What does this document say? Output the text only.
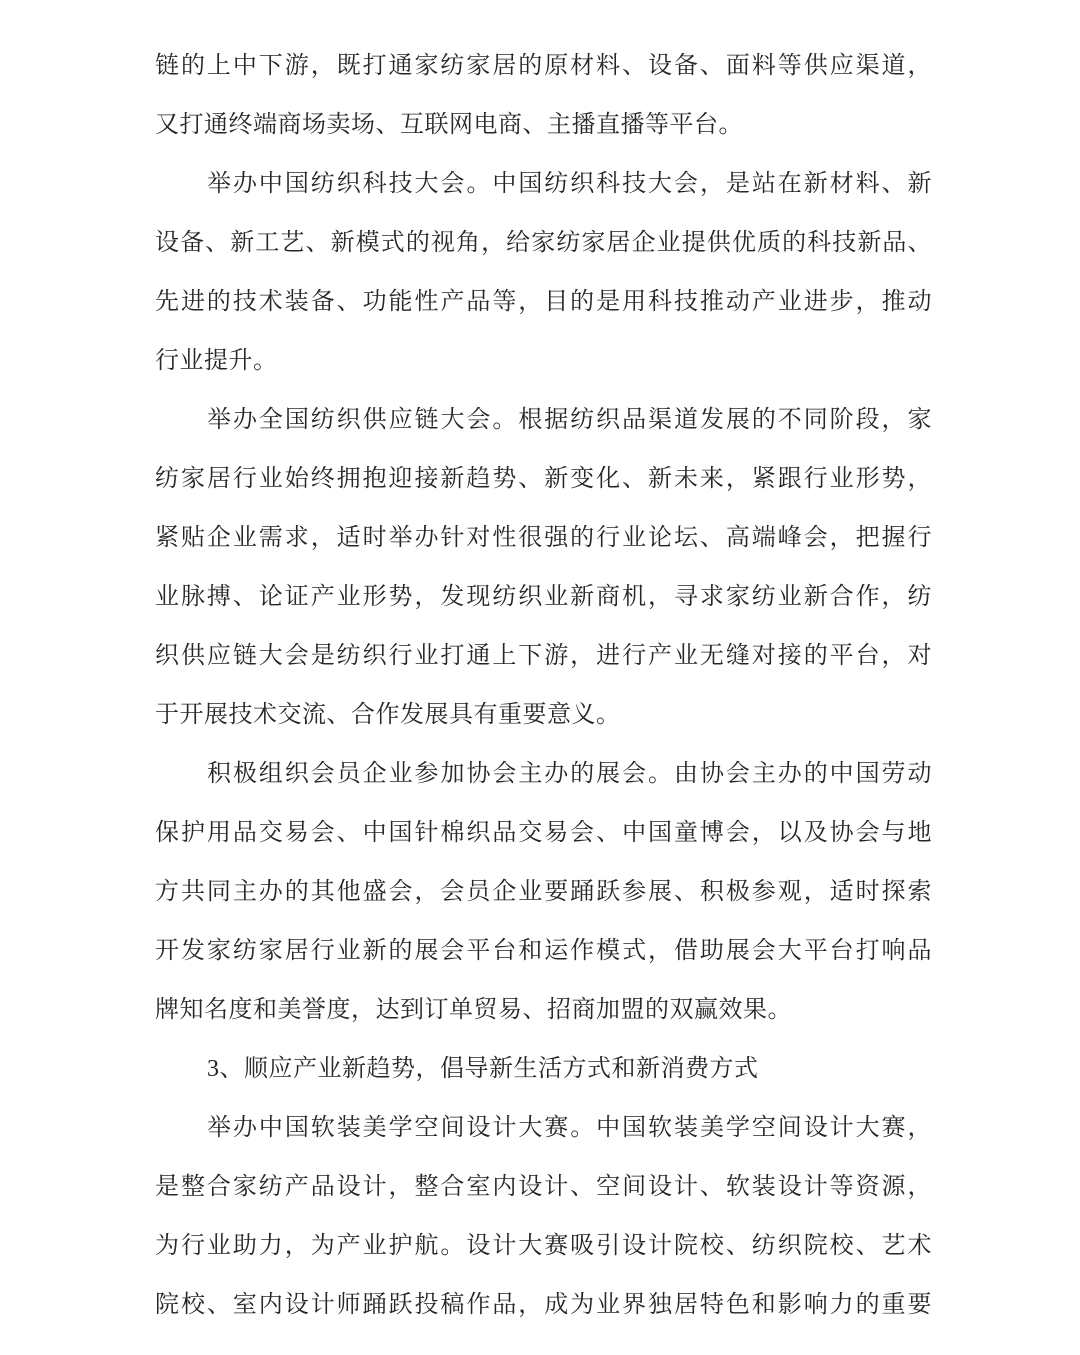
链的上中下游，既打通家纺家居的原材料、设备、面料等供应渠道，
又打通终端商场卖场、互联网电商、主播直播等平台。
举办中国纺织科技大会。中国纺织科技大会，是站在新材料、新
设备、新工艺、新模式的视角，给家纺家居企业提供优质的科技新品、
先进的技术装备、功能性产品等，目的是用科技推动产业进步，推动
行业提升。
举办全国纺织供应链大会。根据纺织品渠道发展的不同阶段，家
纺家居行业始终拥抱迎接新趋势、新变化、新未来，紧跟行业形势，
紧贴企业需求，适时举办针对性很强的行业论坛、高端峰会，把握行
业脉搏、论证产业形势，发现纺织业新商机，寻求家纺业新合作，纺
织供应链大会是纺织行业打通上下游，进行产业无缝对接的平台，对
于开展技术交流、合作发展具有重要意义。
积极组织会员企业参加协会主办的展会。由协会主办的中国劳动
保护用品交易会、中国针棉织品交易会、中国童博会，以及协会与地
方共同主办的其他盛会，会员企业要踊跃参展、积极参观，适时探索
开发家纺家居行业新的展会平台和运作模式，借助展会大平台打响品
牌知名度和美誉度，达到订单贸易、招商加盟的双赢效果。
3、顺应产业新趋势，倡导新生活方式和新消费方式
举办中国软装美学空间设计大赛。中国软装美学空间设计大赛，
是整合家纺产品设计，整合室内设计、空间设计、软装设计等资源，
为行业助力，为产业护航。设计大赛吸引设计院校、纺织院校、艺术
院校、室内设计师踊跃投稿作品，成为业界独居特色和影响力的重要
